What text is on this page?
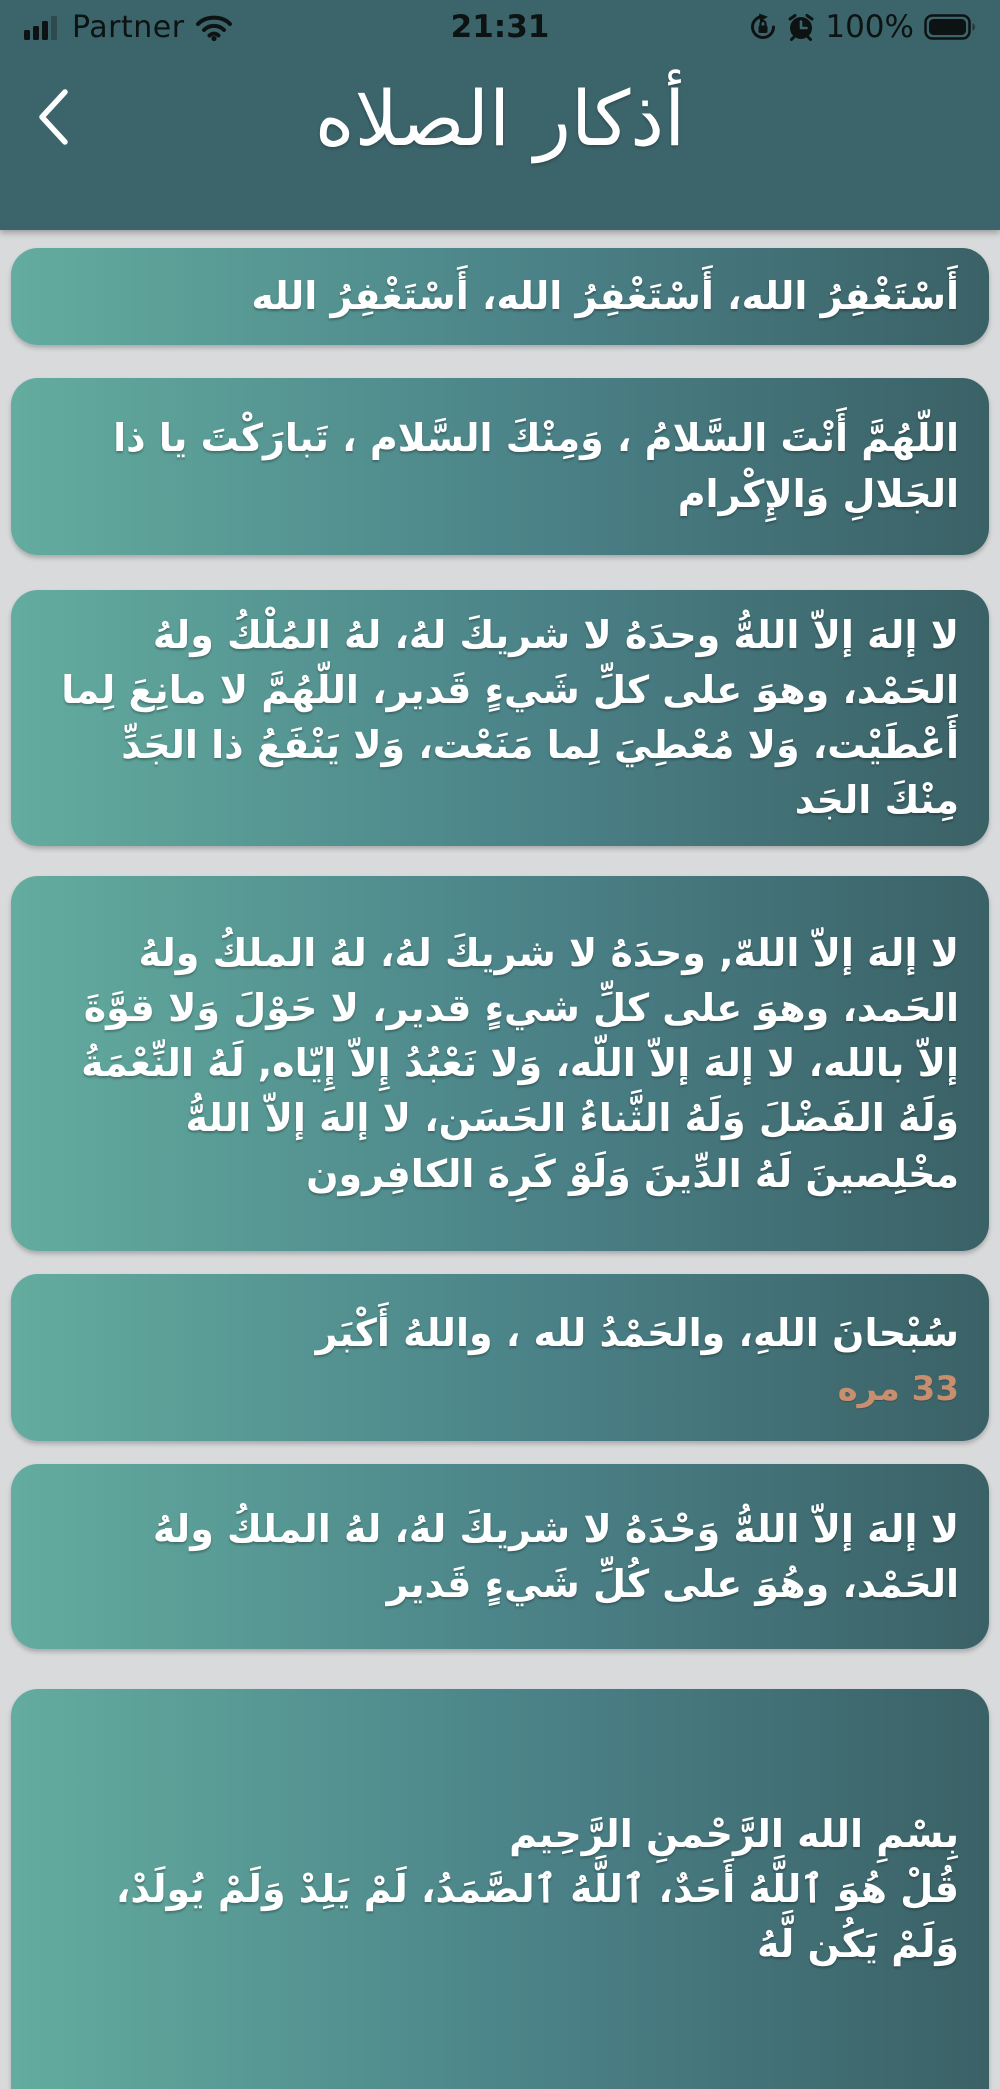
Partner	21:31	100%
أذكار الصلاه
أَسْتَغْفِرُ الله، أَسْتَغْفِرُ الله، أَسْتَغْفِرُ الله
اللّهُمَّ أَنْتَ السَّلامُ ، وَمِنْكَ السَّلام ، تَبارَكْتَ يا ذا الجَلالِ وَالإِكْرام
لا إلهَ إلاّ اللهُّ وحدَهُ لا شريكَ لهُ، لهُ المُلْكُ ولهُ الحَمْد، وهوَ على كلِّ شَيءٍ قَدير، اللّهُمَّ لا مانِعَ لِما أَعْطَيْت، وَلا مُعْطِيَ لِما مَنَعْت، وَلا يَنْفَعُ ذا الجَدِّ مِنْكَ الجَد
لا إلهَ إلاّ اللهّ, وحدَهُ لا شريكَ لهُ، لهُ الملكُ ولهُ الحَمد، وهوَ على كلِّ شيءٍ قدير، لا حَوْلَ وَلا قوَّةَ إلاّ بالله، لا إلهَ إلاّ اللّه، وَلا نَعْبُدُ إِلاّ إِيّاه, لَهُ النِّعْمَةُ وَلَهُ الفَضْلَ وَلَهُ الثَّناءُ الحَسَن، لا إلهَ إلاّ اللهُّ مخْلِصينَ لَهُ الدِّينَ وَلَوْ كَرِهَ الكافِرون
سُبْحانَ اللهِ، والحَمْدُ لله ، واللهُ أَكْبَر
33 مره
لا إلهَ إلاّ اللهُّ وَحْدَهُ لا شريكَ لهُ، لهُ الملكُ ولهُ الحَمْد، وهُوَ على كُلِّ شَيءٍ قَدير
بِسْمِ الله الرَّحْمنِ الرَّحِيم
قُلْ هُوَ ٱللَّهُ أَحَدٌ، ٱللَّهُ ٱلصَّمَدُ، لَمْ يَلِدْ وَلَمْ يُولَدْ، وَلَمْ يَكُن لَّهُ
